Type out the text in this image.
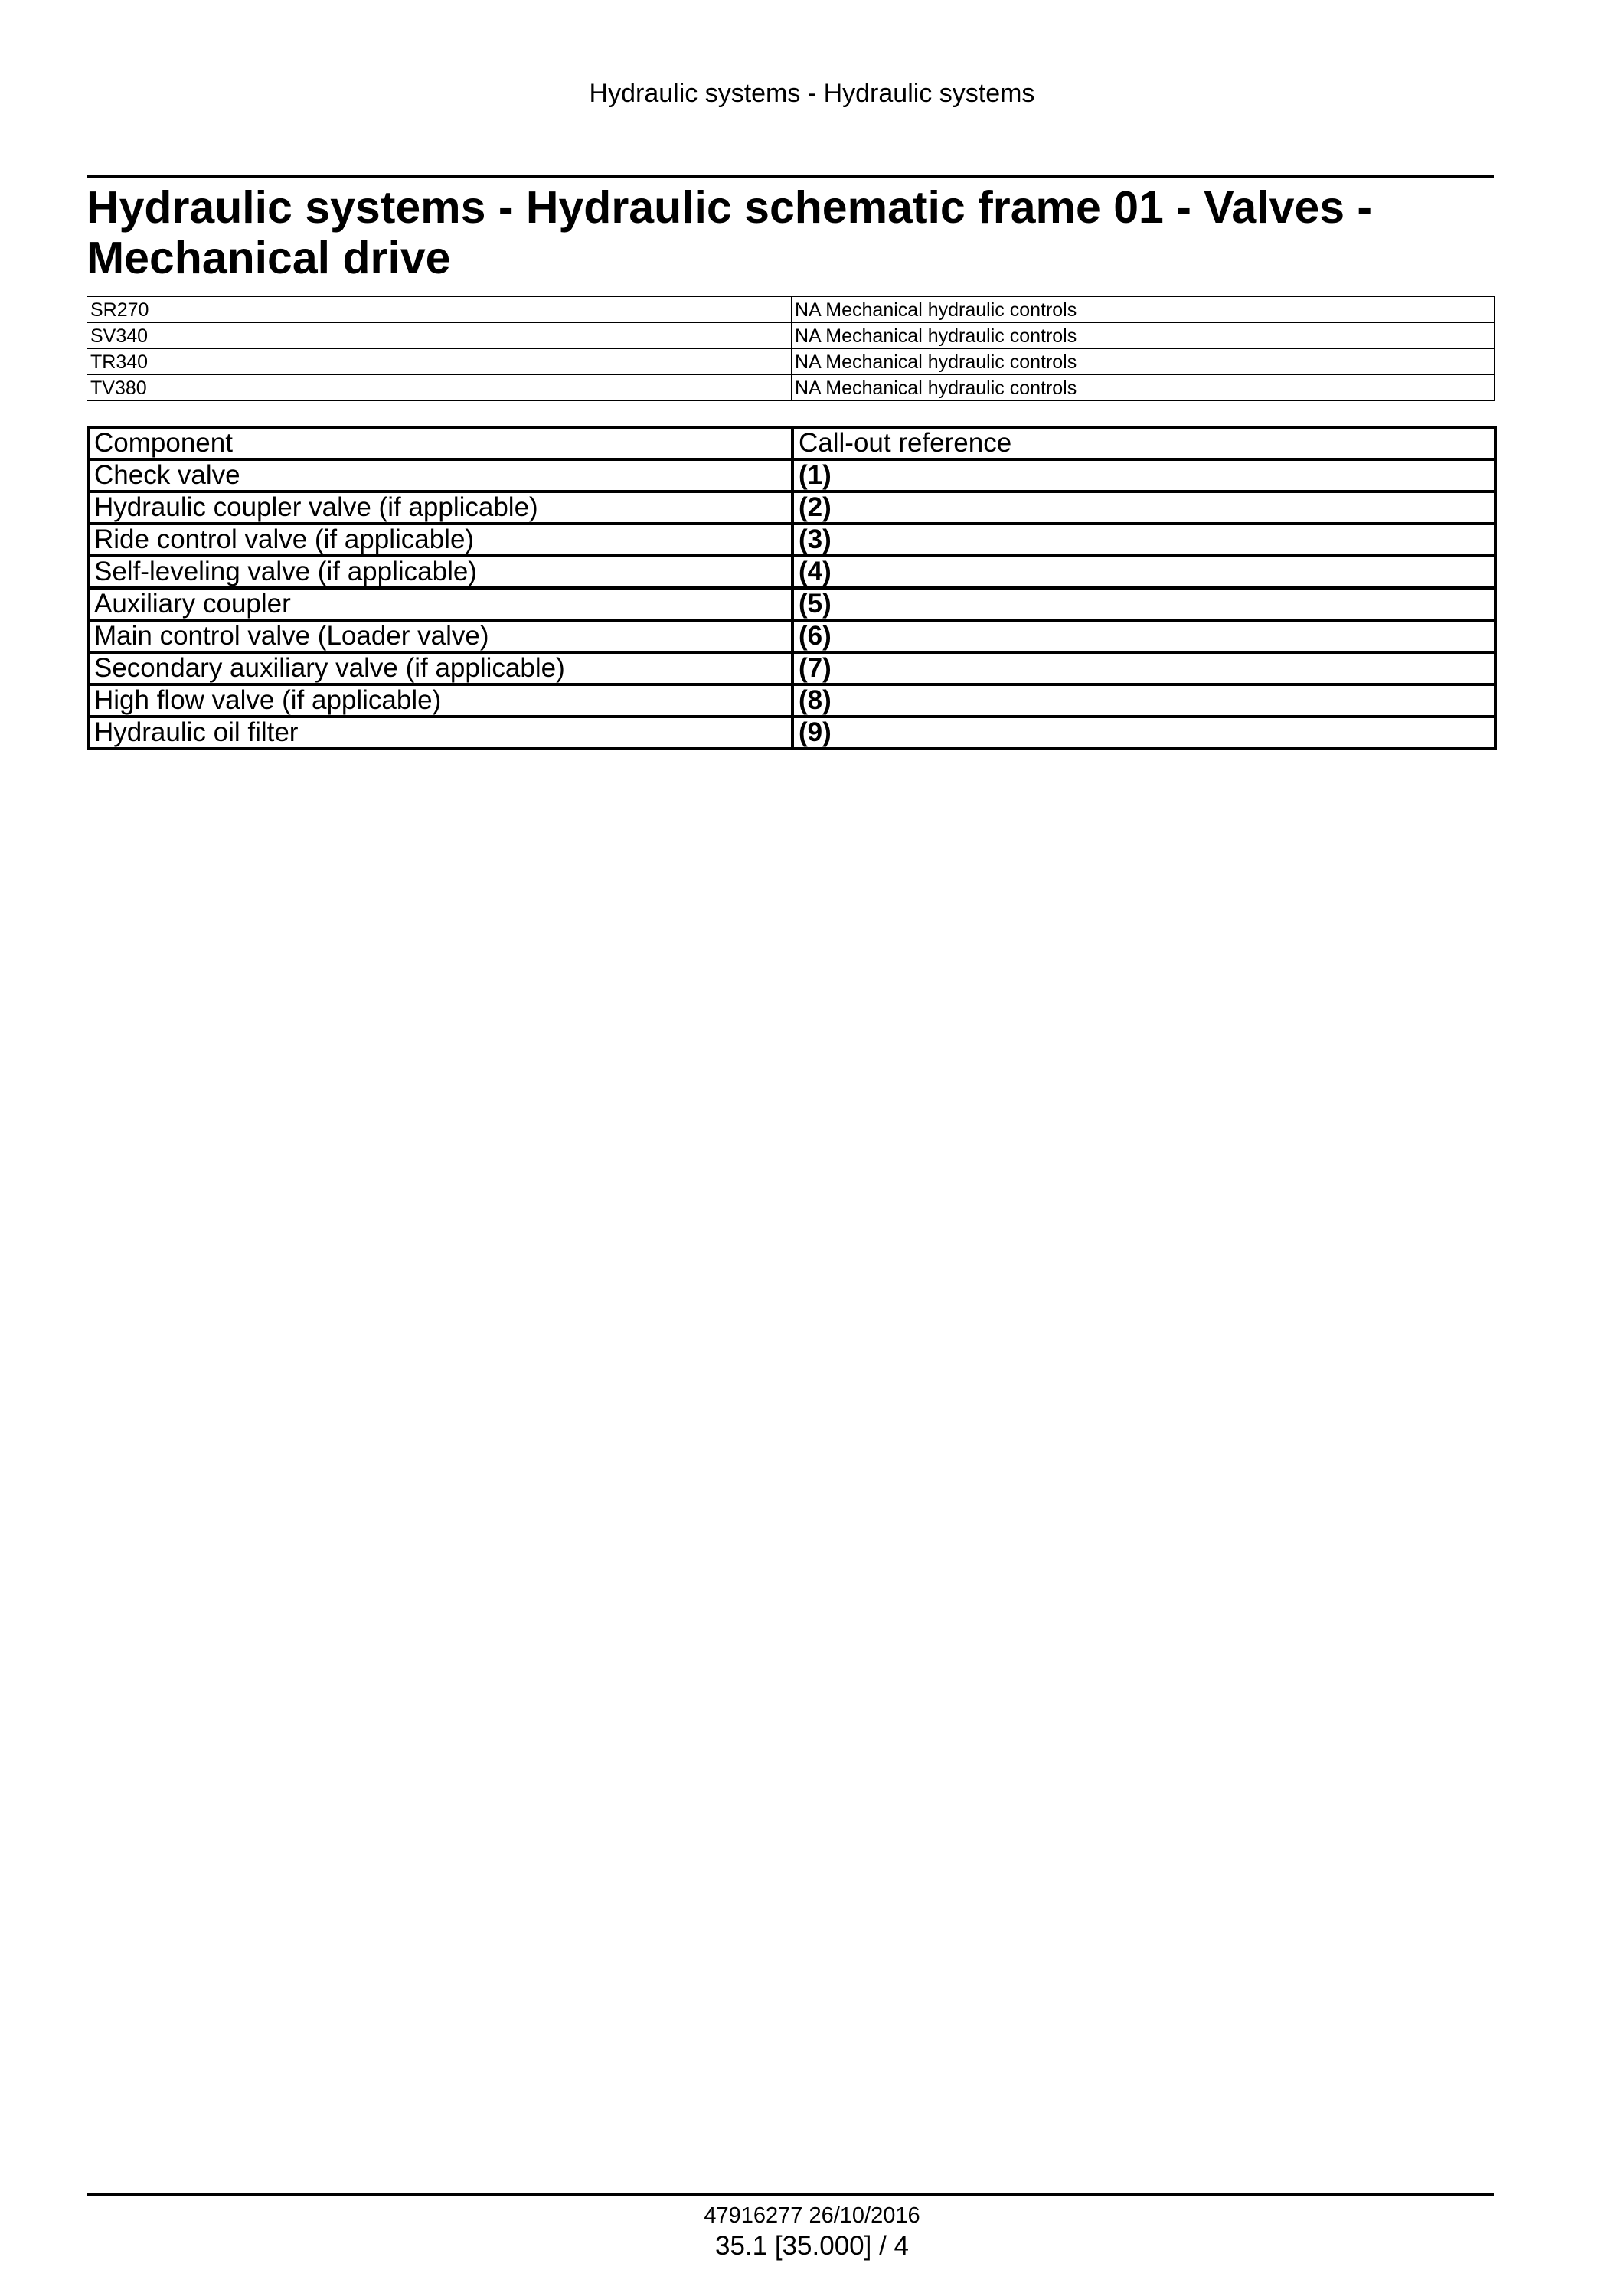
Hydraulic systems - Hydraulic systems
Hydraulic systems - Hydraulic schematic frame 01 - Valves - Mechanical drive
SR270	NA Mechanical hydraulic controls
SV340	NA Mechanical hydraulic controls
TR340	NA Mechanical hydraulic controls
TV380	NA Mechanical hydraulic controls
Component	Call-out reference
Check valve	(1)
Hydraulic coupler valve (if applicable)	(2)
Ride control valve (if applicable)	(3)
Self-leveling valve (if applicable)	(4)
Auxiliary coupler	(5)
Main control valve (Loader valve)	(6)
Secondary auxiliary valve (if applicable)	(7)
High flow valve (if applicable)	(8)
Hydraulic oil filter	(9)
47916277 26/10/2016
35.1 [35.000] / 4
